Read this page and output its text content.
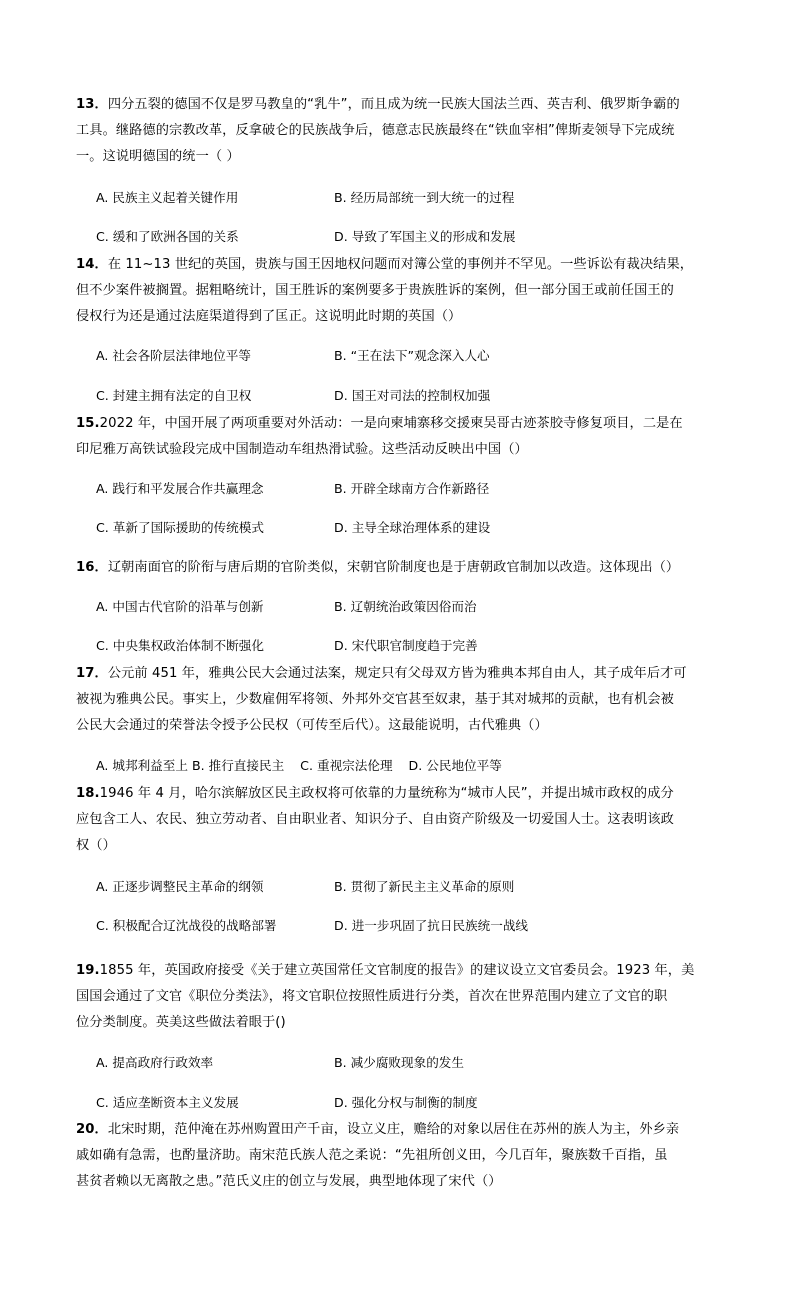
13．四分五裂的德国不仅是罗马教皇的“乳牛”，而且成为统一民族大国法兰西、英吉利、俄罗斯争霸的
工具。继路德的宗教改革，反拿破仑的民族战争后，德意志民族最终在“铁血宰相”俾斯麦领导下完成统
一。这说明德国的统一（ ）
A. 民族主义起着关键作用	B. 经历局部统一到大统一的过程
C. 缓和了欧洲各国的关系	D. 导致了军国主义的形成和发展
14．在 11~13 世纪的英国，贵族与国王因地权问题而对簿公堂的事例并不罕见。一些诉讼有裁决结果，
但不少案件被搁置。据粗略统计，国王胜诉的案例要多于贵族胜诉的案例，但一部分国王或前任国王的
侵权行为还是通过法庭渠道得到了匡正。这说明此时期的英国（）
A. 社会各阶层法律地位平等	B. “王在法下”观念深入人心
C. 封建主拥有法定的自卫权	D. 国王对司法的控制权加强
15.2022 年，中国开展了两项重要对外活动：一是向柬埔寨移交援柬吴哥古迹茶胶寺修复项目，二是在
印尼雅万高铁试验段完成中国制造动车组热滑试验。这些活动反映出中国（）
A. 践行和平发展合作共赢理念	B. 开辟全球南方合作新路径
C. 革新了国际援助的传统模式	D. 主导全球治理体系的建设
16．辽朝南面官的阶衔与唐后期的官阶类似，宋朝官阶制度也是于唐朝政官制加以改造。这体现出（）
A. 中国古代官阶的沿革与创新	B. 辽朝统治政策因俗而治
C. 中央集权政治体制不断强化	D. 宋代职官制度趋于完善
17．公元前 451 年，雅典公民大会通过法案，规定只有父母双方皆为雅典本邦自由人，其子成年后才可
被视为雅典公民。事实上，少数雇佣军将领、外邦外交官甚至奴隶，基于其对城邦的贡献，也有机会被
公民大会通过的荣誉法令授予公民权（可传至后代）。这最能说明，古代雅典（）
A. 城邦利益至上 B. 推行直接民主    C. 重视宗法伦理    D. 公民地位平等
18.1946 年 4 月，哈尔滨解放区民主政权将可依靠的力量统称为“城市人民”，并提出城市政权的成分
应包含工人、农民、独立劳动者、自由职业者、知识分子、自由资产阶级及一切爱国人士。这表明该政
权（）
A. 正逐步调整民主革命的纲领	B. 贯彻了新民主主义革命的原则
C. 积极配合辽沈战役的战略部署	D. 进一步巩固了抗日民族统一战线
19.1855 年，英国政府接受《关于建立英国常任文官制度的报告》的建议设立文官委员会。1923 年，美
国国会通过了文官《职位分类法》，将文官职位按照性质进行分类，首次在世界范围内建立了文官的职
位分类制度。英美这些做法着眼于()
A. 提高政府行政效率	B. 减少腐败现象的发生
C. 适应垄断资本主义发展	D. 强化分权与制衡的制度
20．北宋时期，范仲淹在苏州购置田产千亩，设立义庄，赡给的对象以居住在苏州的族人为主，外乡亲
戚如确有急需，也酌量济助。南宋范氏族人范之柔说：“先祖所创义田，今几百年，聚族数千百指，虽
甚贫者赖以无离散之患。”范氏义庄的创立与发展，典型地体现了宋代（）
